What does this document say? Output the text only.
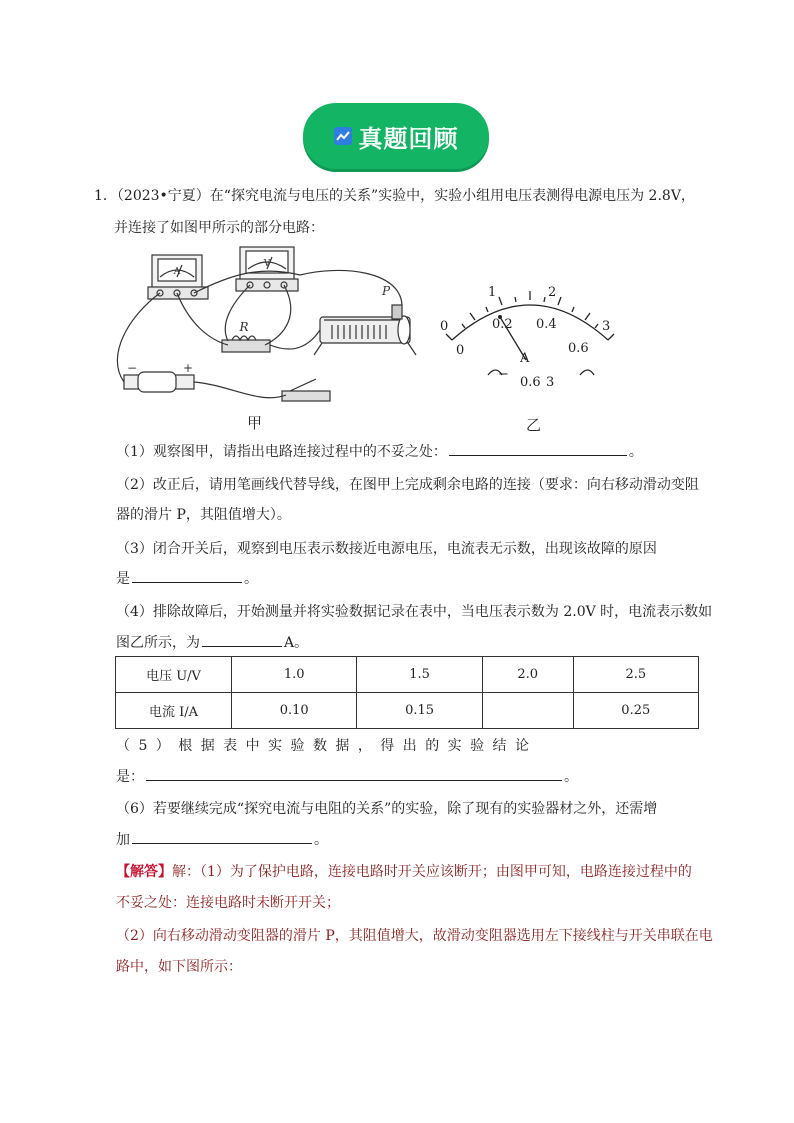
真题回顾
1．（2023•宁夏）在“探究电流与电压的关系”实验中，实验小组用电压表测得电源电压为 2.8V，
并连接了如图甲所示的部分电路：
A
V
R
P
−	+
甲
0
1	2
3
0
0.2 0.4
0.6
A
−
0.6 3
乙
（1）观察图甲，请指出电路连接过程中的不妥之处：	。
（2）改正后，请用笔画线代替导线，在图甲上完成剩余电路的连接（要求：向右移动滑动变阻
器的滑片 P，其阻值增大）。
（3）闭合开关后，观察到电压表示数接近电源电压，电流表无示数，出现该故障的原因
是	。
（4）排除故障后，开始测量并将实验数据记录在表中，当电压表示数为 2.0V 时，电流表示数如
图乙所示，为	A。
电压 U/V	1.0	1.5	2.0	2.5
电流 I/A	0.10	0.15		0.25
（ 5 ） 根 据 表 中 实 验 数 据 ， 得 出 的 实 验 结 论
是：	。
（6）若要继续完成“探究电流与电阻的关系”的实验，除了现有的实验器材之外，还需增
加	。
【解答】解：（1）为了保护电路，连接电路时开关应该断开；由图甲可知，电路连接过程中的
不妥之处：连接电路时未断开开关；
（2）向右移动滑动变阻器的滑片 P，其阻值增大，故滑动变阻器选用左下接线柱与开关串联在电
路中，如下图所示：
